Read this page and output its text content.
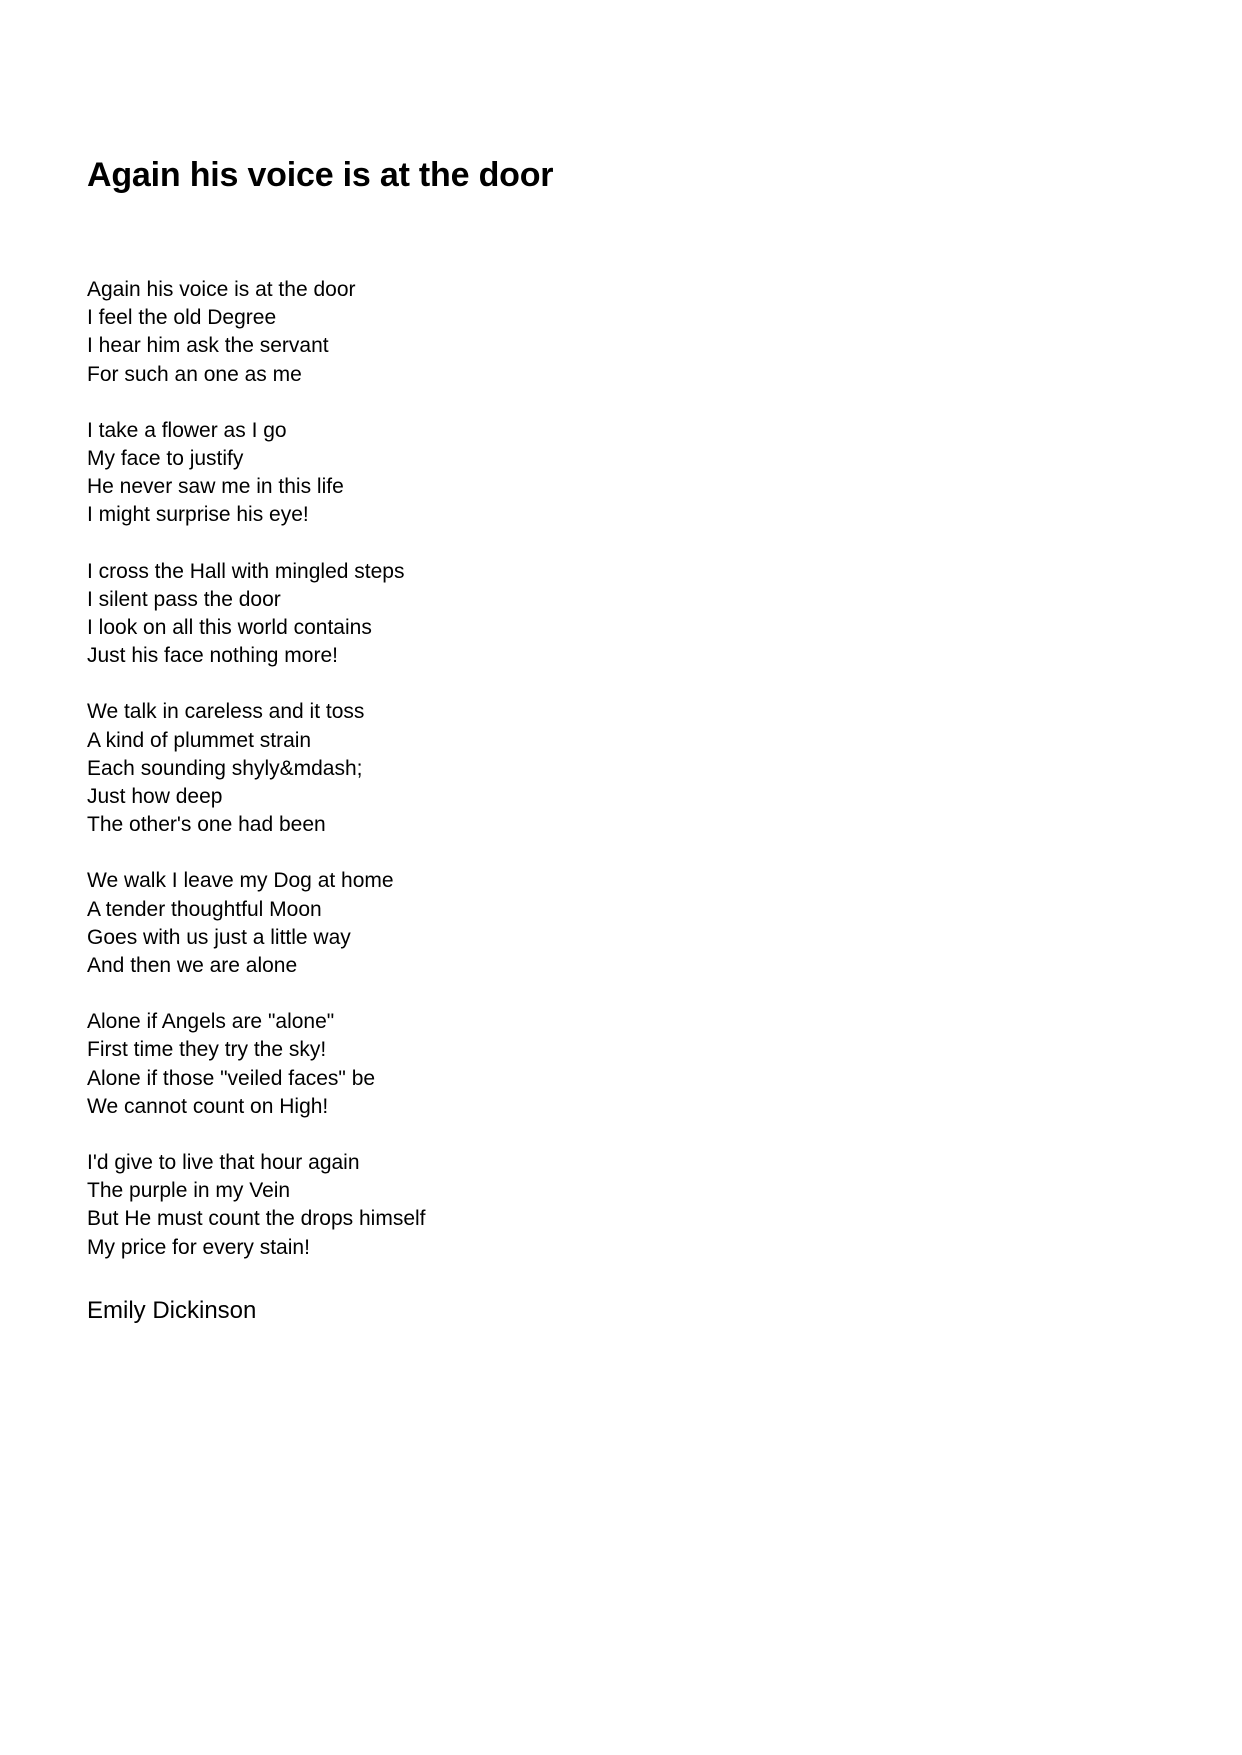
Again his voice is at the door
Again his voice is at the door
I feel the old Degree
I hear him ask the servant
For such an one as me
I take a flower as I go
My face to justify
He never saw me in this life
I might surprise his eye!
I cross the Hall with mingled steps
I silent pass the door
I look on all this world contains
Just his face nothing more!
We talk in careless and it toss
A kind of plummet strain
Each sounding shyly&mdash;
Just how deep
The other's one had been
We walk I leave my Dog at home
A tender thoughtful Moon
Goes with us just a little way
And then we are alone
Alone if Angels are "alone"
First time they try the sky!
Alone if those "veiled faces" be
We cannot count on High!
I'd give to live that hour again
The purple in my Vein
But He must count the drops himself
My price for every stain!

Emily Dickinson
